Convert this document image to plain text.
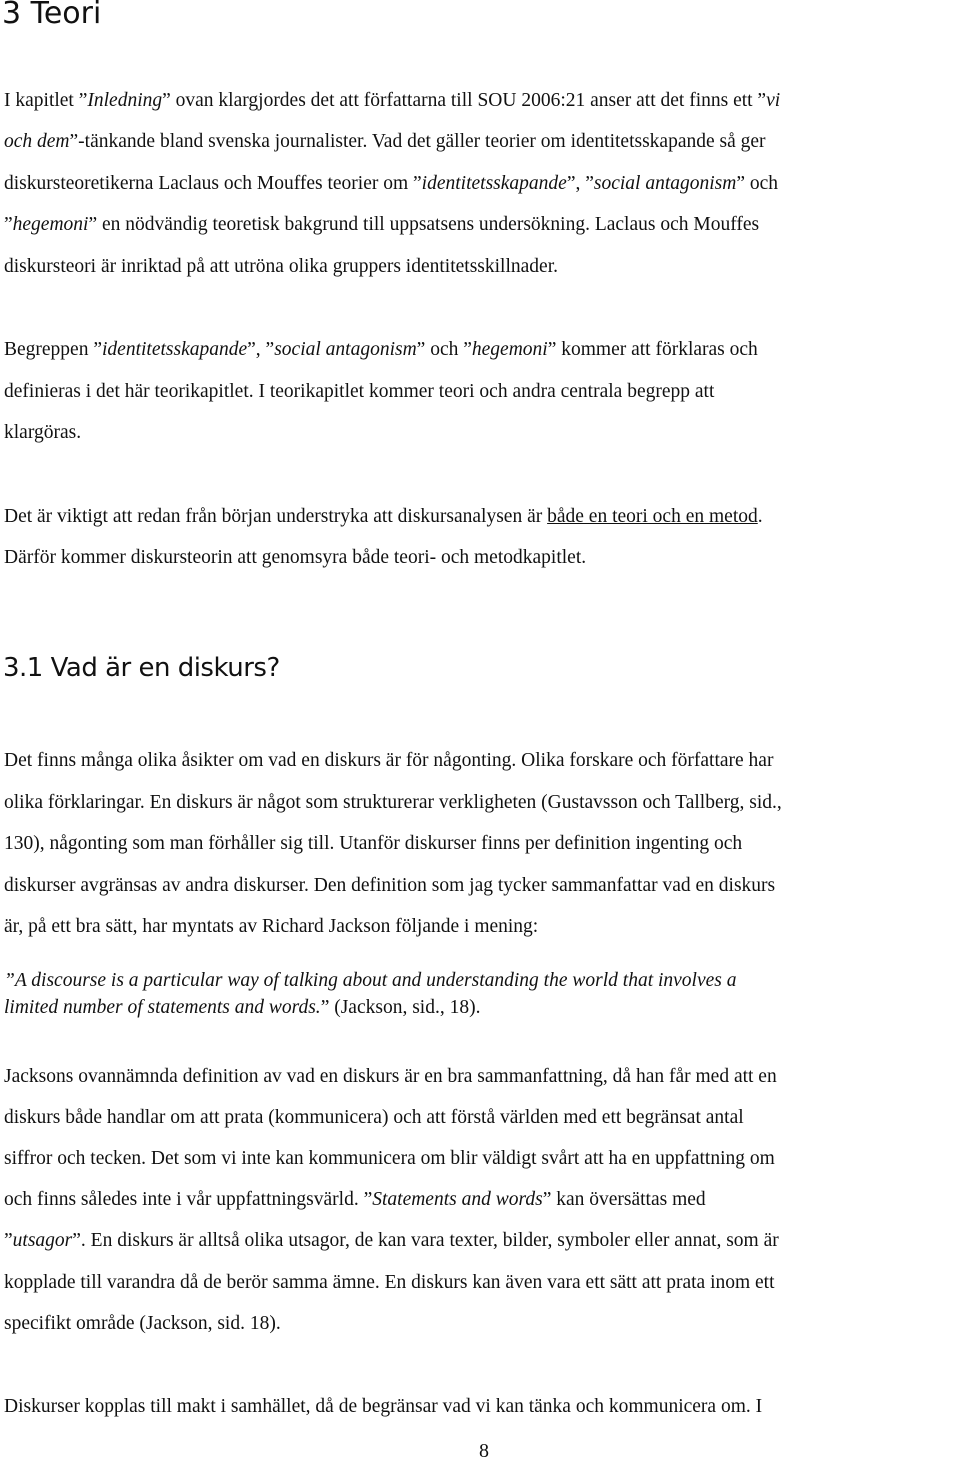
3 Teori

I kapitlet ”Inledning” ovan klargjordes det att författarna till SOU 2006:21 anser att det finns ett ”vi

och dem”-tänkande bland svenska journalister. Vad det gäller teorier om identitetsskapande så ger

diskursteoretikerna Laclaus och Mouffes teorier om ”identitetsskapande”, ”social antagonism” och

”hegemoni” en nödvändig teoretisk bakgrund till uppsatsens undersökning. Laclaus och Mouffes

diskursteori är inriktad på att utröna olika gruppers identitetsskillnader.

Begreppen ”identitetsskapande”, ”social antagonism” och ”hegemoni” kommer att förklaras och

definieras i det här teorikapitlet. I teorikapitlet kommer teori och andra centrala begrepp att

klargöras.

Det är viktigt att redan från början understryka att diskursanalysen är både en teori och en metod.

Därför kommer diskursteorin att genomsyra både teori- och metodkapitlet.

3.1 Vad är en diskurs?

Det finns många olika åsikter om vad en diskurs är för någonting. Olika forskare och författare har

olika förklaringar. En diskurs är något som strukturerar verkligheten (Gustavsson och Tallberg, sid.,

130), någonting som man förhåller sig till. Utanför diskurser finns per definition ingenting och

diskurser avgränsas av andra diskurser. Den definition som jag tycker sammanfattar vad en diskurs

är, på ett bra sätt, har myntats av Richard Jackson följande i mening:

”A discourse is a particular way of talking about and understanding the world that involves a

limited number of statements and words.” (Jackson, sid., 18).

Jacksons ovannämnda definition av vad en diskurs är en bra sammanfattning, då han får med att en

diskurs både handlar om att prata (kommunicera) och att förstå världen med ett begränsat antal

siffror och tecken. Det som vi inte kan kommunicera om blir väldigt svårt att ha en uppfattning om

och finns således inte i vår uppfattningsvärld. ”Statements and words” kan översättas med

”utsagor”. En diskurs är alltså olika utsagor, de kan vara texter, bilder, symboler eller annat, som är

kopplade till varandra då de berör samma ämne. En diskurs kan även vara ett sätt att prata inom ett

specifikt område (Jackson, sid. 18).

Diskurser kopplas till makt i samhället, då de begränsar vad vi kan tänka och kommunicera om. I

8
